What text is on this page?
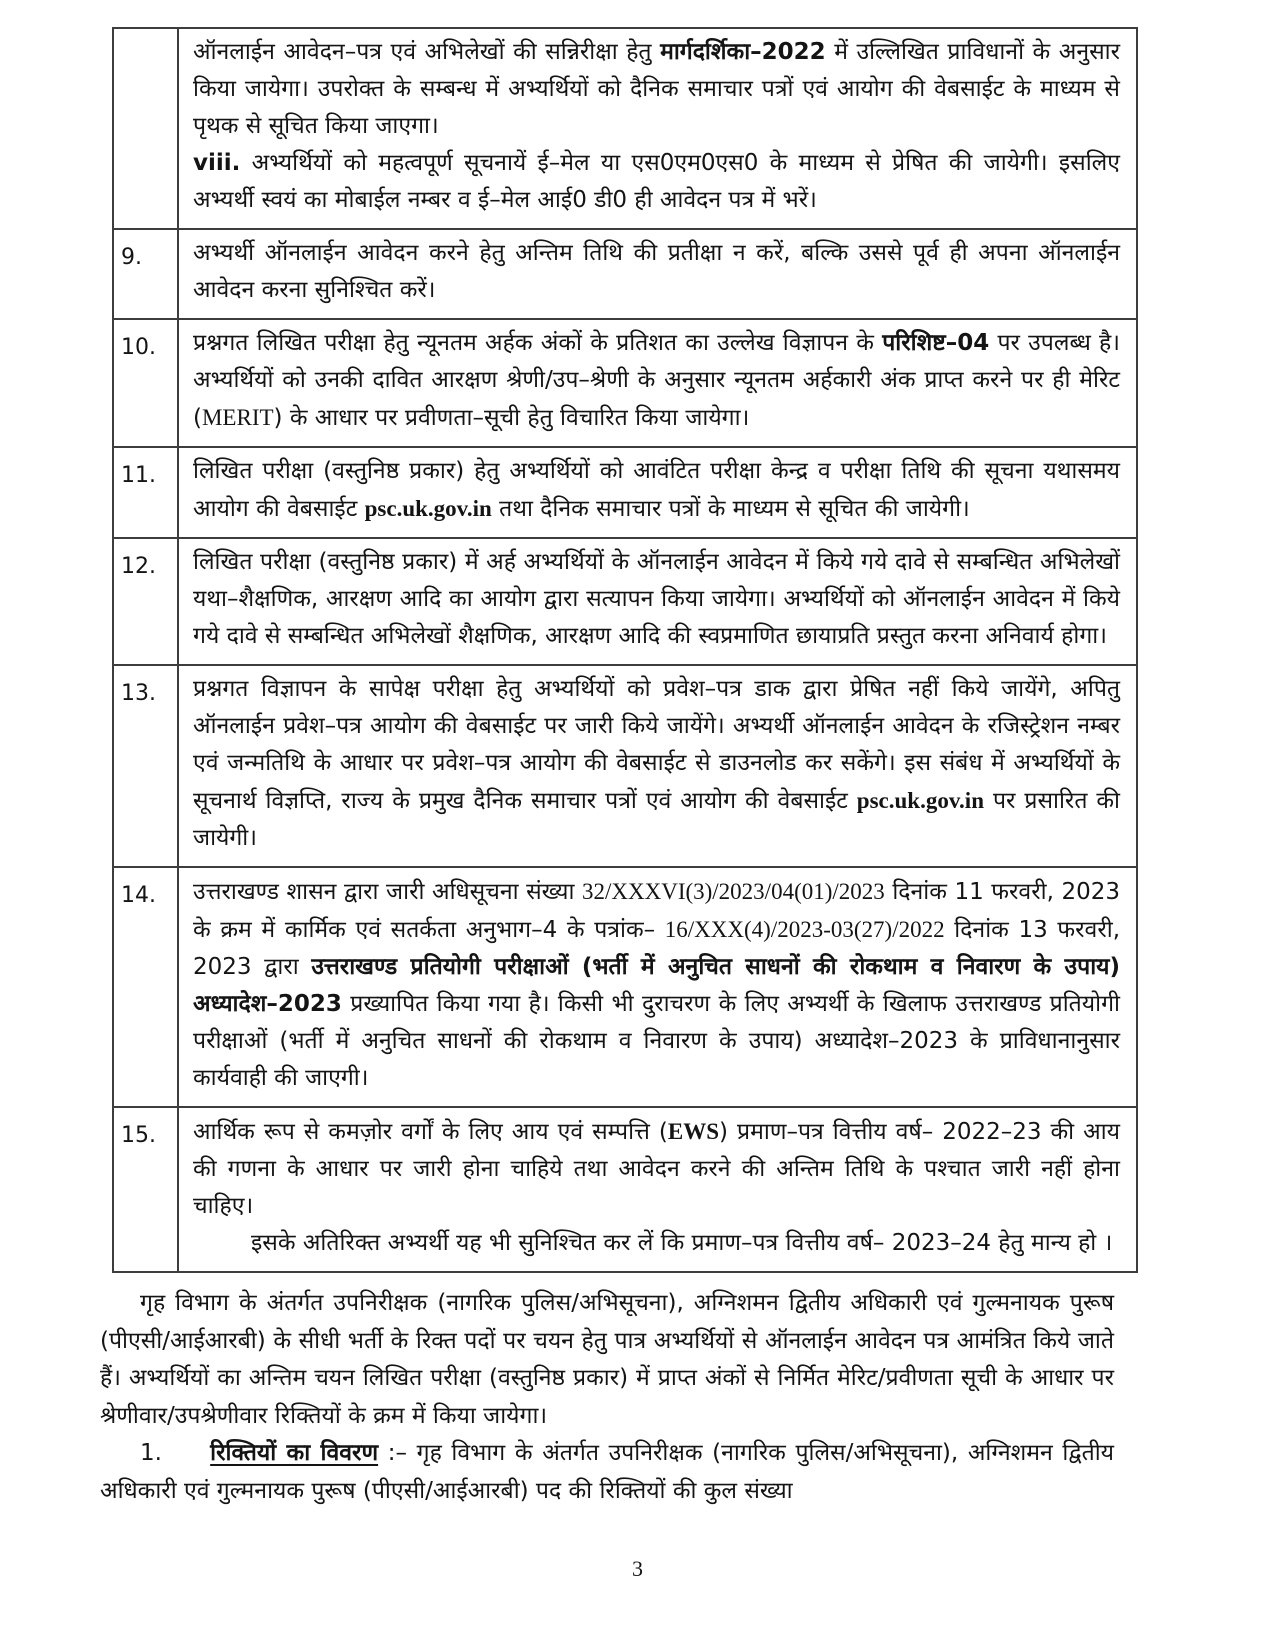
	ऑनलाईन आवेदन–पत्र एवं अभिलेखों की सन्निरीक्षा हेतु मार्गदर्शिका–2022 में उल्लिखित प्राविधानों के अनुसार किया जायेगा। उपरोक्त के सम्बन्ध में अभ्यर्थियों को दैनिक समाचार पत्रों एवं आयोग की वेबसाईट के माध्यम से पृथक से सूचित किया जाएगा।

viii. अभ्यर्थियों को महत्वपूर्ण सूचनायें ई–मेल या एस0एम0एस0 के माध्यम से प्रेषित की जायेगी। इसलिए अभ्यर्थी स्वयं का मोबाईल नम्बर व ई–मेल आई0 डी0 ही आवेदन पत्र में भरें।

9.	अभ्यर्थी ऑनलाईन आवेदन करने हेतु अन्तिम तिथि की प्रतीक्षा न करें, बल्कि उससे पूर्व ही अपना ऑनलाईन आवेदन करना सुनिश्चित करें।

10.	प्रश्नगत लिखित परीक्षा हेतु न्यूनतम अर्हक अंकों के प्रतिशत का उल्लेख विज्ञापन के परिशिष्ट–04 पर उपलब्ध है। अभ्यर्थियों को उनकी दावित आरक्षण श्रेणी/उप–श्रेणी के अनुसार न्यूनतम अर्हकारी अंक प्राप्त करने पर ही मेरिट (MERIT) के आधार पर प्रवीणता–सूची हेतु विचारित किया जायेगा।

11.	लिखित परीक्षा (वस्तुनिष्ठ प्रकार) हेतु अभ्यर्थियों को आवंटित परीक्षा केन्द्र व परीक्षा तिथि की सूचना यथासमय आयोग की वेबसाईट psc.uk.gov.in तथा दैनिक समाचार पत्रों के माध्यम से सूचित की जायेगी।

12.	लिखित परीक्षा (वस्तुनिष्ठ प्रकार) में अर्ह अभ्यर्थियों के ऑनलाईन आवेदन में किये गये दावे से सम्बन्धित अभिलेखों यथा–शैक्षणिक, आरक्षण आदि का आयोग द्वारा सत्यापन किया जायेगा। अभ्यर्थियों को ऑनलाईन आवेदन में किये गये दावे से सम्बन्धित अभिलेखों शैक्षणिक, आरक्षण आदि की स्वप्रमाणित छायाप्रति प्रस्तुत करना अनिवार्य होगा।

13.	प्रश्नगत विज्ञापन के सापेक्ष परीक्षा हेतु अभ्यर्थियों को प्रवेश–पत्र डाक द्वारा प्रेषित नहीं किये जायेंगे, अपितु ऑनलाईन प्रवेश–पत्र आयोग की वेबसाईट पर जारी किये जायेंगे। अभ्यर्थी ऑनलाईन आवेदन के रजिस्ट्रेशन नम्बर एवं जन्मतिथि के आधार पर प्रवेश–पत्र आयोग की वेबसाईट से डाउनलोड कर सकेंगे। इस संबंध में अभ्यर्थियों के सूचनार्थ विज्ञप्ति, राज्य के प्रमुख दैनिक समाचार पत्रों एवं आयोग की वेबसाईट psc.uk.gov.in पर प्रसारित की जायेगी।

14.	उत्तराखण्ड शासन द्वारा जारी अधिसूचना संख्या 32/XXXVI(3)/2023/04(01)/2023 दिनांक 11 फरवरी, 2023 के क्रम में कार्मिक एवं सतर्कता अनुभाग–4 के पत्रांक– 16/XXX(4)/2023-03(27)/2022 दिनांक 13 फरवरी, 2023 द्वारा उत्तराखण्ड प्रतियोगी परीक्षाओं (भर्ती में अनुचित साधनों की रोकथाम व निवारण के उपाय) अध्यादेश–2023 प्रख्यापित किया गया है। किसी भी दुराचरण के लिए अभ्यर्थी के खिलाफ उत्तराखण्ड प्रतियोगी परीक्षाओं (भर्ती में अनुचित साधनों की रोकथाम व निवारण के उपाय) अध्यादेश–2023 के प्राविधानानुसार कार्यवाही की जाएगी।

15.	आर्थिक रूप से कमज़ोर वर्गों के लिए आय एवं सम्पत्ति (EWS) प्रमाण–पत्र वित्तीय वर्ष– 2022–23 की आय की गणना के आधार पर जारी होना चाहिये तथा आवेदन करने की अन्तिम तिथि के पश्चात जारी नहीं होना चाहिए।

इसके अतिरिक्त अभ्यर्थी यह भी सुनिश्चित कर लें कि प्रमाण–पत्र वित्तीय वर्ष– 2023–24 हेतु मान्य हो ।

गृह विभाग के अंतर्गत उपनिरीक्षक (नागरिक पुलिस/अभिसूचना), अग्निशमन द्वितीय अधिकारी एवं गुल्मनायक पुरूष (पीएसी/आईआरबी) के सीधी भर्ती के रिक्त पदों पर चयन हेतु पात्र अभ्यर्थियों से ऑनलाईन आवेदन पत्र आमंत्रित किये जाते हैं। अभ्यर्थियों का अन्तिम चयन लिखित परीक्षा (वस्तुनिष्ठ प्रकार) में प्राप्त अंकों से निर्मित मेरिट/प्रवीणता सूची के आधार पर श्रेणीवार/उपश्रेणीवार रिक्तियों के क्रम में किया जायेगा।

1.     रिक्तियों का विवरण :– गृह विभाग के अंतर्गत उपनिरीक्षक (नागरिक पुलिस/अभिसूचना), अग्निशमन द्वितीय अधिकारी एवं गुल्मनायक पुरूष (पीएसी/आईआरबी) पद की रिक्तियों की कुल संख्या

3
